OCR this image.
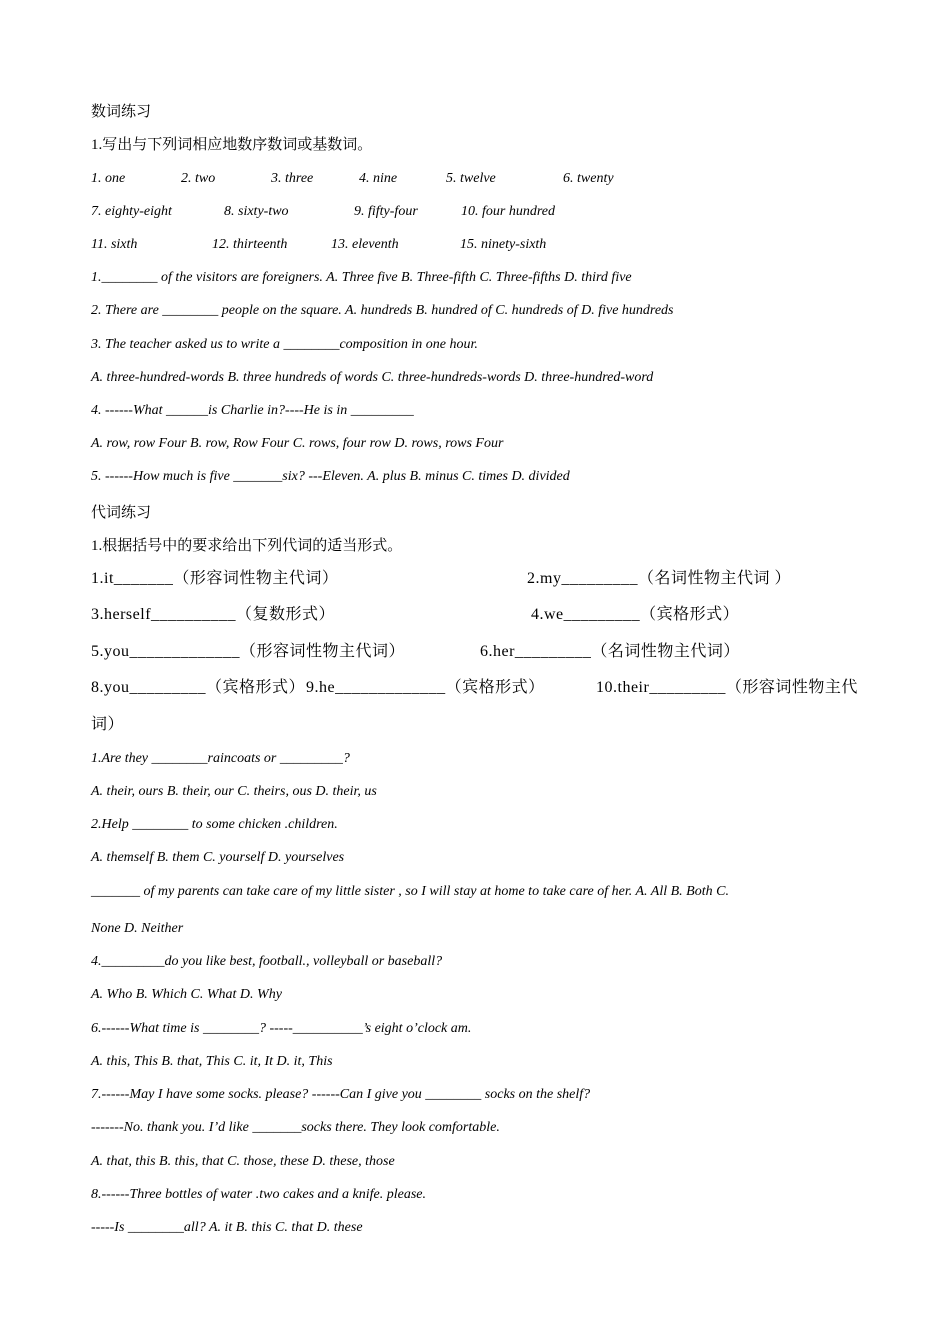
数词练习
1.写出与下列词相应地数序数词或基数词。
1. one	2. two	3. three	4. nine	5. twelve	6. twenty
7. eighty-eight	8. sixty-two	9. fifty-four	10. four hundred
11. sixth	12. thirteenth	13. eleventh	15. ninety-sixth
1.________ of the visitors are foreigners. A. Three five B. Three-fifth C. Three-fifths D. third five
2. There are ________ people on the square. A. hundreds B. hundred of C. hundreds of D. five hundreds
3. The teacher asked us to write a ________composition in one hour.
A. three-hundred-words B. three hundreds of words C. three-hundreds-words D. three-hundred-word
4. ------What ______is Charlie in?----He is in _________
A. row, row Four B. row, Row Four C. rows, four row D. rows, rows Four
5. ------How much is five _______six? ---Eleven. A. plus B. minus C. times D. divided
代词练习
1.根据括号中的要求给出下列代词的适当形式。
1.it_______（形容词性物主代词）	2.my_________（名词性物主代词 ）
3.herself__________（复数形式）	4.we_________（宾格形式）
5.you_____________（形容词性物主代词）	6.her_________（名词性物主代词）
8.you_________（宾格形式） 9.he_____________（宾格形式）	10.their_________（形容词性物主代
词）
1.Are they ________raincoats or _________?
A. their, ours B. their, our C. theirs, ous D. their, us
2.Help ________ to some chicken .children.
A. themself B. them C. yourself D. yourselves
_______ of my parents can take care of my little sister , so I will stay at home to take care of her. A. All B. Both C.
None D. Neither
4._________do you like best, football., volleyball or baseball?
A. Who B. Which C. What D. Why
6.------What time is ________? -----__________’s eight o’clock am.
A. this, This B. that, This C. it, It D. it, This
7.------May I have some socks. please? ------Can I give you ________ socks on the shelf?
-------No. thank you. I’d like _______socks there. They look comfortable.
A. that, this B. this, that C. those, these D. these, those
8.------Three bottles of water .two cakes and a knife. please.
-----Is ________all? A. it B. this C. that D. these
